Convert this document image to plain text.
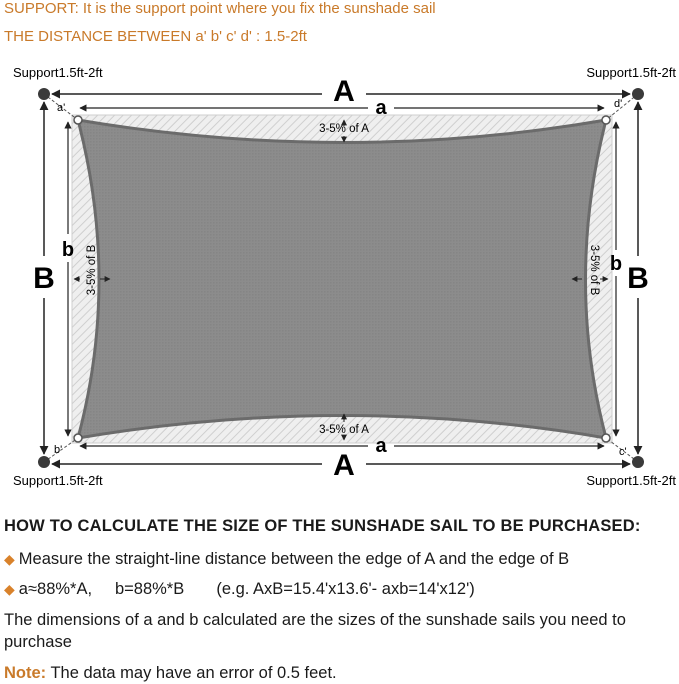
SUPPORT: It is the support point where you fix the sunshade sail
THE DISTANCE BETWEEN a' b' c' d' : 1.5-2ft
A
A
B	B
a
a
b
b
3-5% of A
3-5% of A
3-5% of B	3-5% of B
a'	d'
b'	c'
Support1.5ft-2ft	Support1.5ft-2ft
Support1.5ft-2ft	Support1.5ft-2ft
HOW TO CALCULATE THE SIZE OF THE SUNSHADE SAIL TO BE PURCHASED:
◆ Measure the straight-line distance between the edge of A and the edge of B
◆ a≈88%*A,     b=88%*B       (e.g. AxB=15.4'x13.6'- axb=14'x12')
The dimensions of a and b calculated are the sizes of the sunshade sails you need to purchase
Note: The data may have an error of 0.5 feet.
